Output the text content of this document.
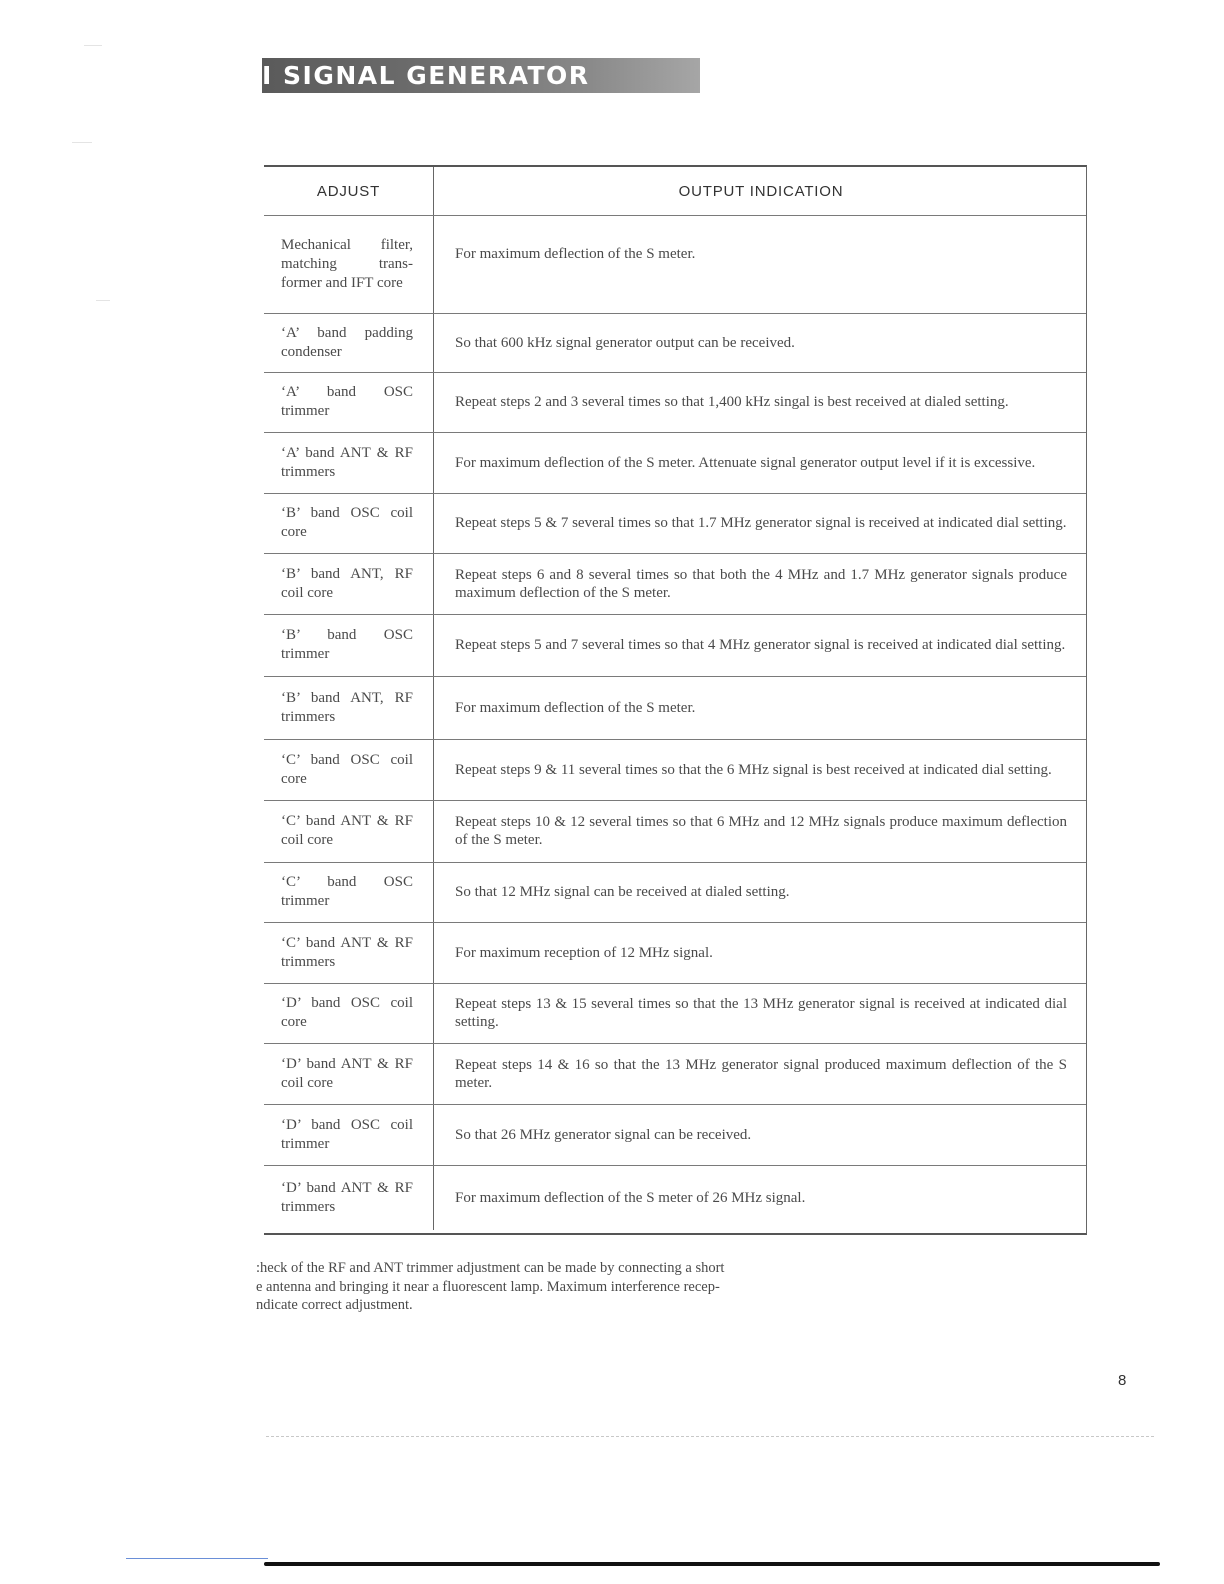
I SIGNAL GENERATOR
ADJUST	OUTPUT INDICATION
Mechanical filter, matching trans-former and IFT core
For maximum deflection of the S meter.
‘A’ band padding condenser
So that 600 kHz signal generator output can be received.
‘A’ band OSC trimmer
Repeat steps 2 and 3 several times so that 1,400 kHz singal is best received at dialed setting.
‘A’ band ANT & RF trimmers
For maximum deflection of the S meter. Attenuate signal generator output level if it is excessive.
‘B’ band OSC coil core
Repeat steps 5 & 7 several times so that 1.7 MHz generator signal is received at indicated dial setting.
‘B’ band ANT, RF coil core
Repeat steps 6 and 8 several times so that both the 4 MHz and 1.7 MHz generator signals produce maximum deflection of the S meter.
‘B’ band OSC trimmer
Repeat steps 5 and 7 several times so that 4 MHz generator signal is received at indicated dial setting.
‘B’ band ANT, RF trimmers
For maximum deflection of the S meter.
‘C’ band OSC coil core
Repeat steps 9 & 11 several times so that the 6 MHz signal is best received at indicated dial setting.
‘C’ band ANT & RF coil core
Repeat steps 10 & 12 several times so that 6 MHz and 12 MHz signals produce maximum deflection of the S meter.
‘C’ band OSC trimmer
So that 12 MHz signal can be received at dialed setting.
‘C’ band ANT & RF trimmers
For maximum reception of 12 MHz signal.
‘D’ band OSC coil core
Repeat steps 13 & 15 several times so that the 13 MHz generator signal is received at indicated dial setting.
‘D’ band ANT & RF coil core
Repeat steps 14 & 16 so that the 13 MHz generator signal produced maximum deflection of the S meter.
‘D’ band OSC coil trimmer
So that 26 MHz generator signal can be received.
‘D’ band ANT & RF trimmers
For maximum deflection of the S meter of 26 MHz signal.
:heck of the RF and ANT trimmer adjustment can be made by connecting a short
e antenna and bringing it near a fluorescent lamp. Maximum interference recep-
ndicate correct adjustment.
8
